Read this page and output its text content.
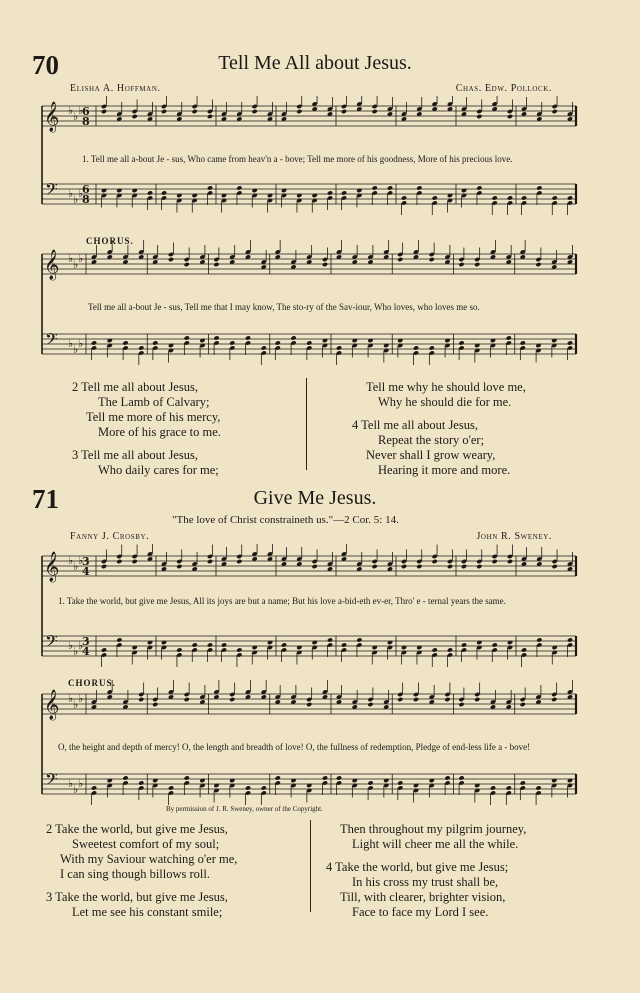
70	Tell Me All about Jesus.
Elisha A. Hoffman.	Chas. Edw. Pollock.
𝄞
𝄢
♭ ♭ ♭
♭ ♭ ♭
6
8
6
8
1. Tell me all a-bout Je - sus, Who came from heav'n a - bove; Tell me more of his goodness, More of his precious love.
CHORUS.
𝄞
𝄢
♭ ♭ ♭
♭ ♭ ♭
Tell me all a-bout Je - sus, Tell me that I may know, The sto-ry of the Sav-iour, Who loves, who loves me so.
2 Tell me all about Jesus,
The Lamb of Calvary;
Tell me more of his mercy,
More of his grace to me.
3 Tell me all about Jesus,
Who daily cares for me;
Tell me why he should love me,
Why he should die for me.
4 Tell me all about Jesus,
Repeat the story o'er;
Never shall I grow weary,
Hearing it more and more.
71	Give Me Jesus.
"The love of Christ constraineth us."—2 Cor. 5: 14.
Fanny J. Crosby.	John R. Sweney.
𝄞
𝄢
♭ ♭ ♭
♭ ♭ ♭
3
4
3
4
1. Take the world, but give me Jesus, All its joys are but a name; But his love a-bid-eth ev-er, Thro' e - ternal years the same.
CHORUS.
𝄞
𝄢
♭ ♭ ♭
♭ ♭ ♭
O, the height and depth of mercy! O, the length and breadth of love! O, the fullness of redemption, Pledge of end-less life a - bove!
By permission of J. R. Sweney, owner of the Copyright.
2 Take the world, but give me Jesus,
Sweetest comfort of my soul;
With my Saviour watching o'er me,
I can sing though billows roll.
3 Take the world, but give me Jesus,
Let me see his constant smile;
Then throughout my pilgrim journey,
Light will cheer me all the while.
4 Take the world, but give me Jesus;
In his cross my trust shall be,
Till, with clearer, brighter vision,
Face to face my Lord I see.
